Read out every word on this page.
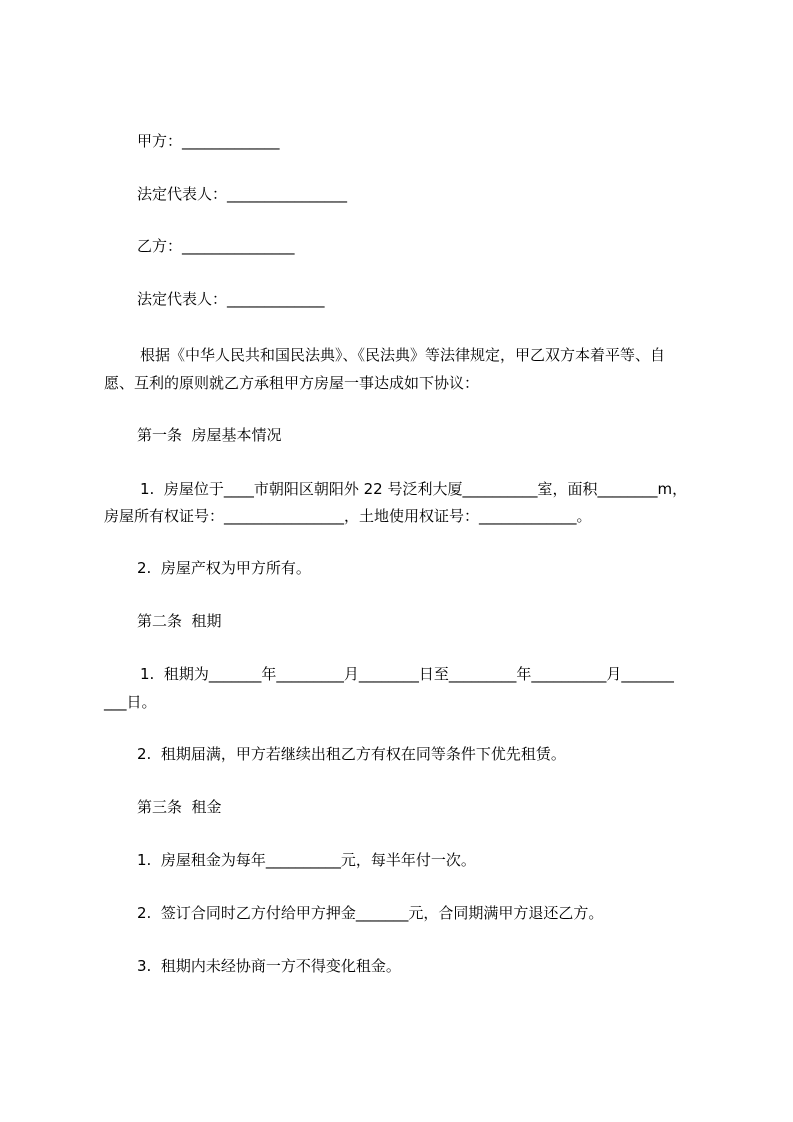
甲方：_____________

法定代表人：________________

乙方：_______________

法定代表人：_____________

根据《中华人民共和国民法典》、《民法典》等法律规定，甲乙双方本着平等、自

愿、互利的原则就乙方承租甲方房屋一事达成如下协议：

第一条  房屋基本情况

1.  房屋位于____市朝阳区朝阳外 22 号泛利大厦__________室，面积________m，

房屋所有权证号：________________，土地使用权证号：_____________。

2.  房屋产权为甲方所有。

第二条  租期

1.  租期为_______年_________月________日至_________年__________月_______

___日。

2.  租期届满，甲方若继续出租乙方有权在同等条件下优先租赁。

第三条  租金

1.  房屋租金为每年__________元，每半年付一次。

2.  签订合同时乙方付给甲方押金_______元，合同期满甲方退还乙方。

3.  租期内未经协商一方不得变化租金。
